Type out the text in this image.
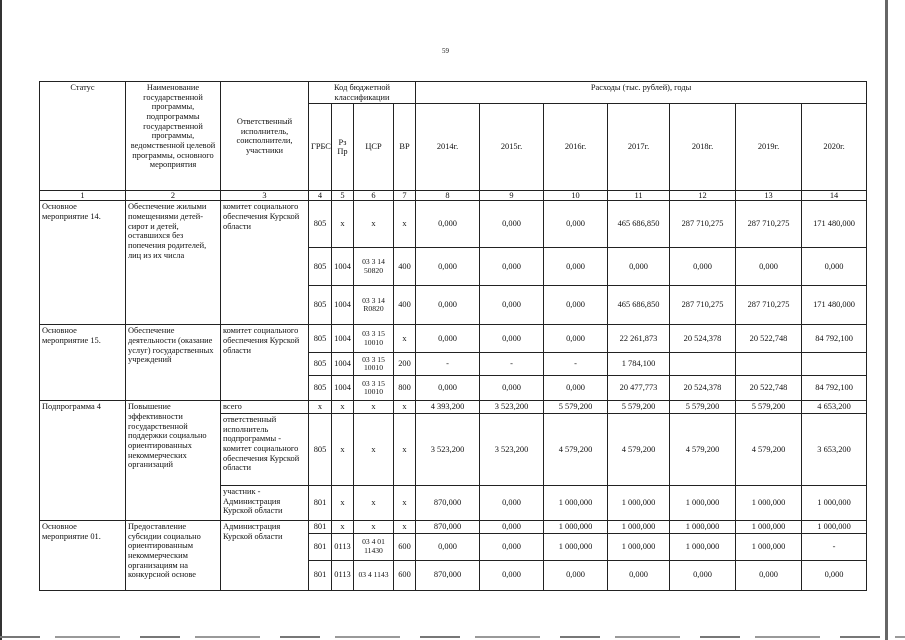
59
Статус	Наименование государственной программы, подпрограммы государственной программы, ведомственной целевой программы, основного мероприятия	Ответственный исполнитель, соисполнители, участники	Код бюджетной классификации				Расходы (тыс. рублей), годы						
			ГРБС	Рз Пр	ЦСР	ВР	2014г.	2015г.	2016г.	2017г.	2018г.	2019г.	2020г.
1	2	3	4	5	6	7	8	9	10	11	12	13	14
Основное мероприятие 14.	Обеспечение жилыми помещениями детей-сирот и детей, оставшихся без попечения родителей, лиц из их числа	комитет социального обеспечения Курской области	805	х	х	х	0,000	0,000	0,000	465 686,850	287 710,275	287 710,275	171 480,000
			805	1004	03 3 14 50820	400	0,000	0,000	0,000	0,000	0,000	0,000	0,000
			805	1004	03 3 14 R0820	400	0,000	0,000	0,000	465 686,850	287 710,275	287 710,275	171 480,000
Основное мероприятие 15.	Обеспечение деятельности (оказание услуг) государственных учреждений	комитет социального обеспечения Курской области	805	1004	03 3 15 10010	х	0,000	0,000	0,000	22 261,873	20 524,378	20 522,748	84 792,100
			805	1004	03 3 15 10010	200	-	-	-	1 784,100			
			805	1004	03 3 15 10010	800	0,000	0,000	0,000	20 477,773	20 524,378	20 522,748	84 792,100
Подпрограмма 4	Повышение эффективности государственной поддержки социально ориентированных некоммерческих организаций	всего	х	х	х	х	4 393,200	3 523,200	5 579,200	5 579,200	5 579,200	5 579,200	4 653,200
		ответственный исполнитель подпрограммы - комитет социального обеспечения Курской области	805	х	х	х	3 523,200	3 523,200	4 579,200	4 579,200	4 579,200	4 579,200	3 653,200
		участник - Администрация Курской области	801	х	х	х	870,000	0,000	1 000,000	1 000,000	1 000,000	1 000,000	1 000,000
Основное мероприятие 01.	Предоставление субсидии социально ориентированным некоммерческим организациям на конкурсной основе	Администрация Курской области	801	х	х	х	870,000	0,000	1 000,000	1 000,000	1 000,000	1 000,000	1 000,000
			801	0113	03 4 01 11430	600	0,000	0,000	1 000,000	1 000,000	1 000,000	1 000,000	-
			801	0113	03 4 1143	600	870,000	0,000	0,000	0,000	0,000	0,000	0,000
